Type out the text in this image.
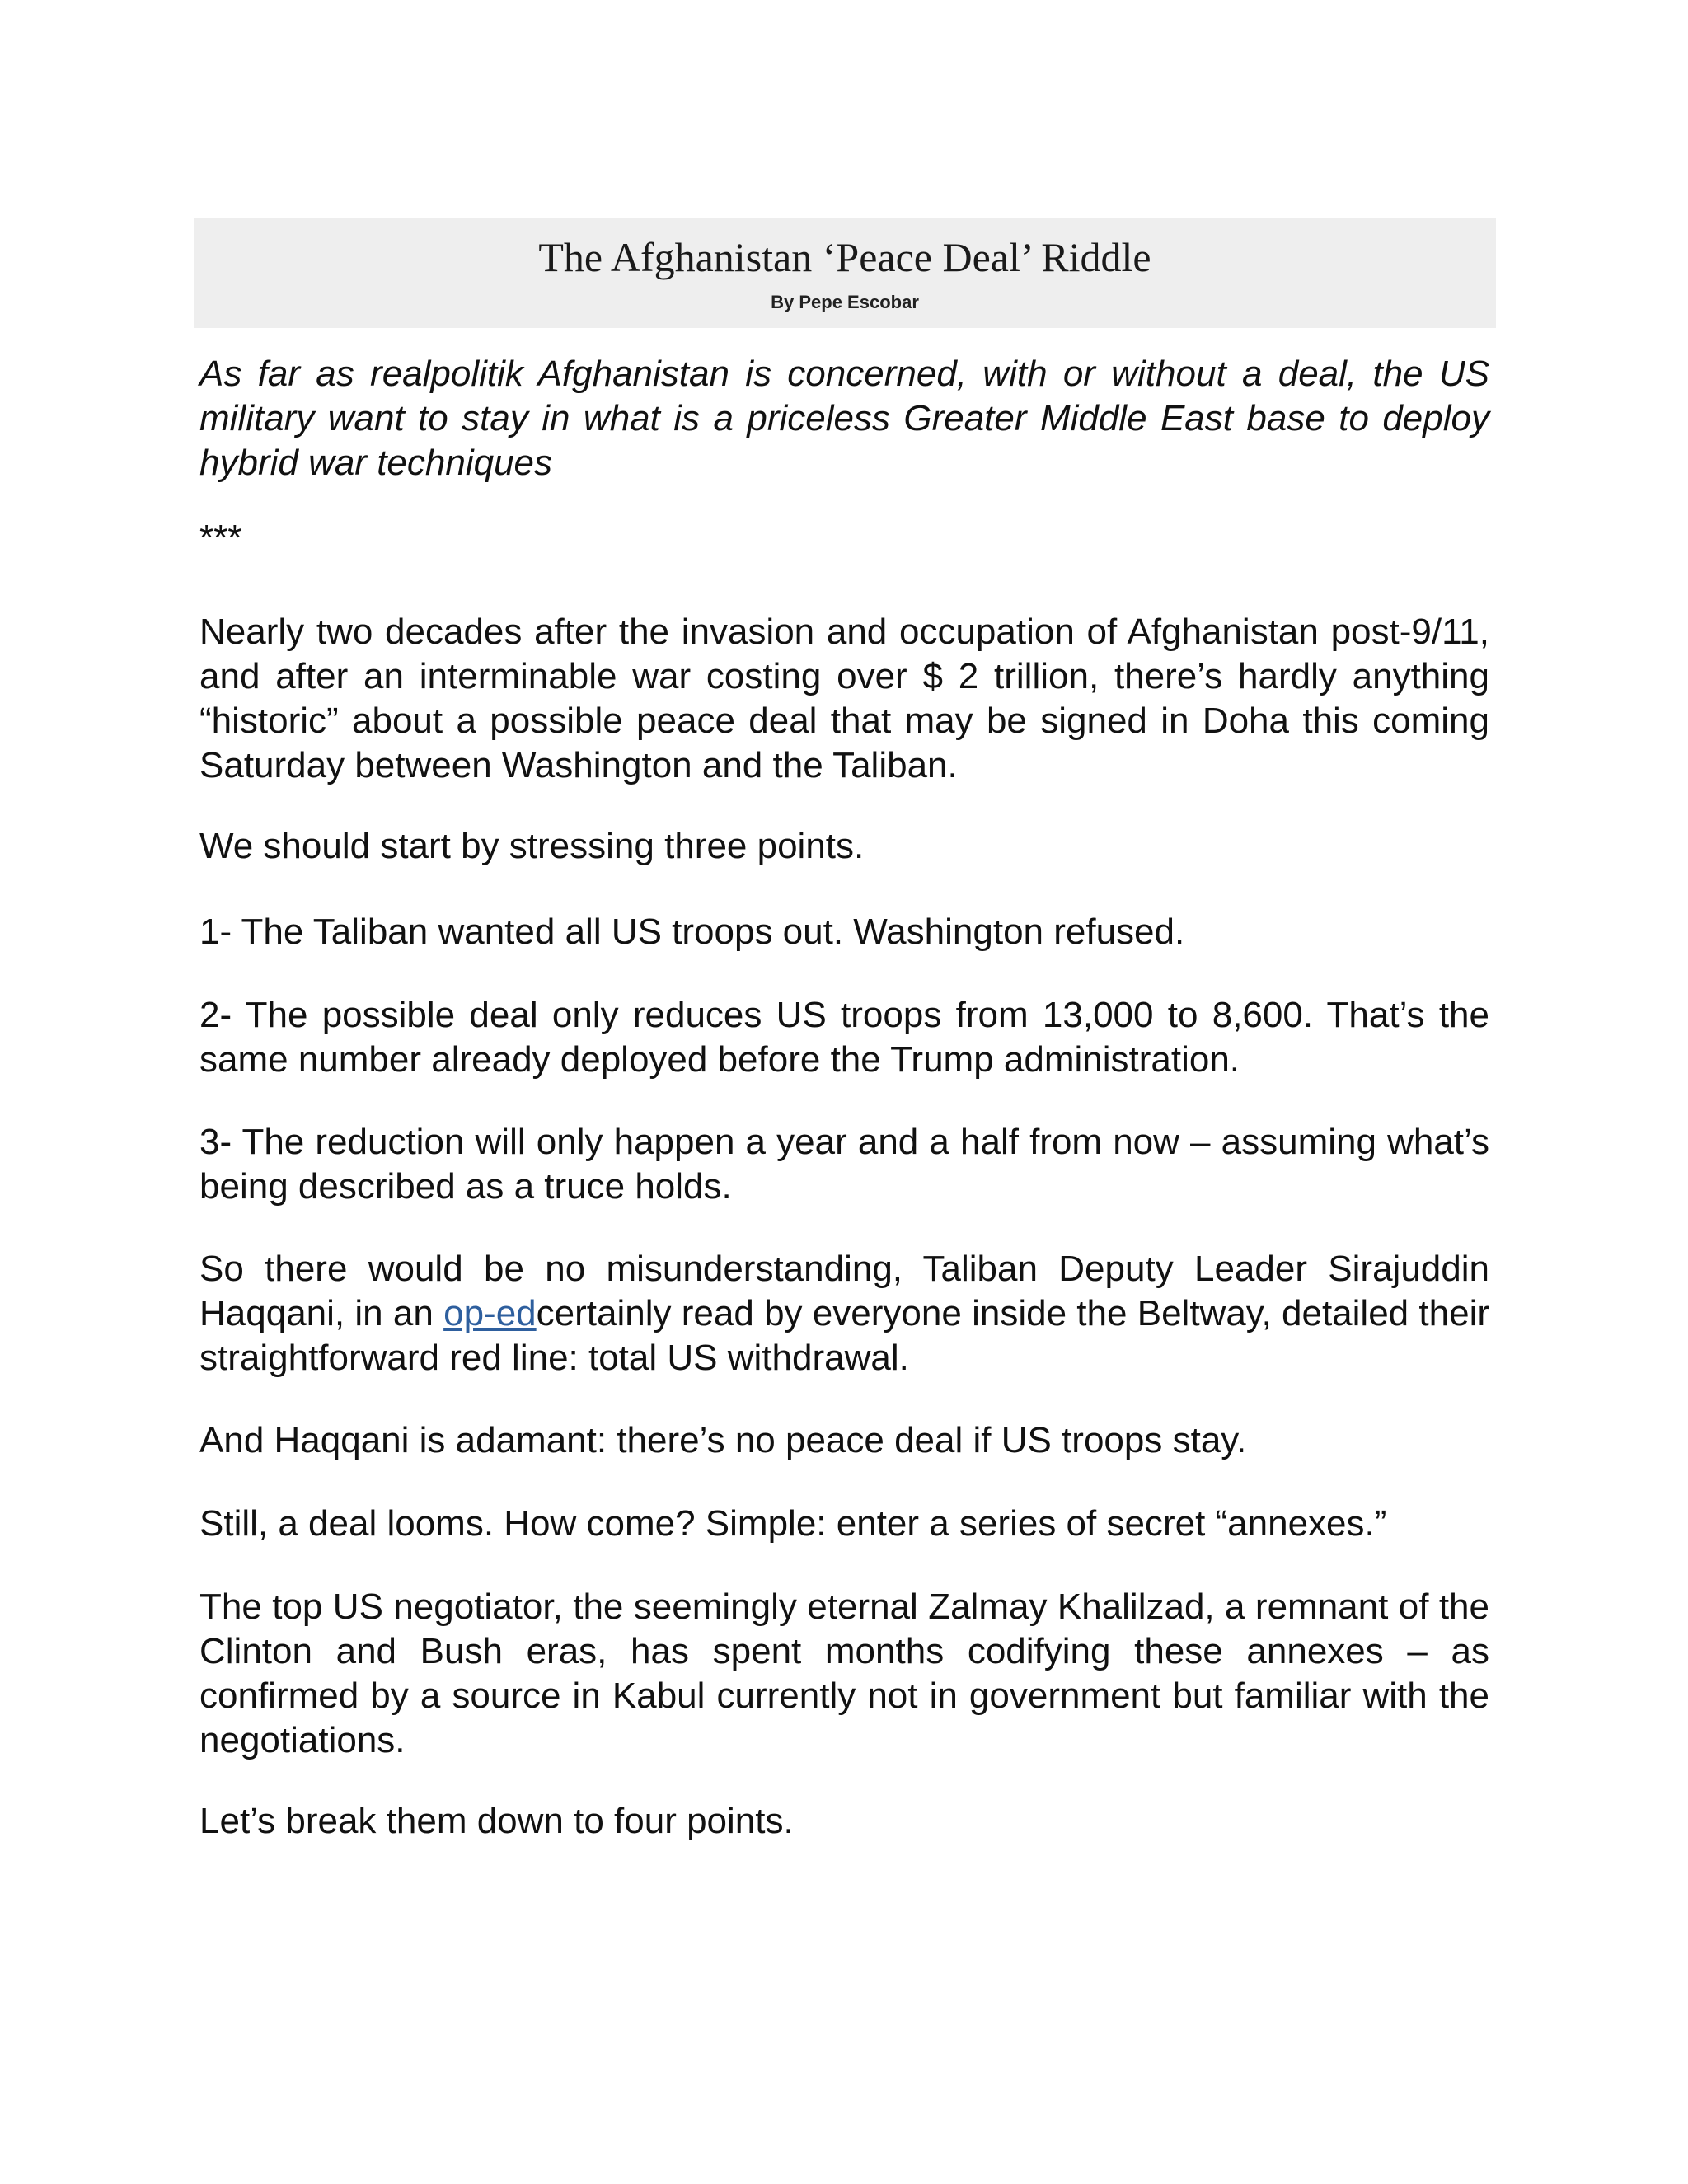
The Afghanistan ‘Peace Deal’ Riddle
By Pepe Escobar

As far as realpolitik Afghanistan is concerned, with or without a deal, the US military want to stay in what is a priceless Greater Middle East base to deploy hybrid war techniques

***

Nearly two decades after the invasion and occupation of Afghanistan post-9/11, and after an interminable war costing over $ 2 trillion, there’s hardly anything “historic” about a possible peace deal that may be signed in Doha this coming Saturday between Washington and the Taliban.

We should start by stressing three points.

1- The Taliban wanted all US troops out. Washington refused.

2- The possible deal only reduces US troops from 13,000 to 8,600. That’s the same number already deployed before the Trump administration.

3- The reduction will only happen a year and a half from now – assuming what’s being described as a truce holds.

So there would be no misunderstanding, Taliban Deputy Leader Sirajuddin Haqqani, in an op-edcertainly read by everyone inside the Beltway, detailed their straightforward red line: total US withdrawal.

And Haqqani is adamant: there’s no peace deal if US troops stay.

Still, a deal looms. How come? Simple: enter a series of secret “annexes.”

The top US negotiator, the seemingly eternal Zalmay Khalilzad, a remnant of the Clinton and Bush eras, has spent months codifying these annexes – as confirmed by a source in Kabul currently not in government but familiar with the negotiations.

Let’s break them down to four points.
